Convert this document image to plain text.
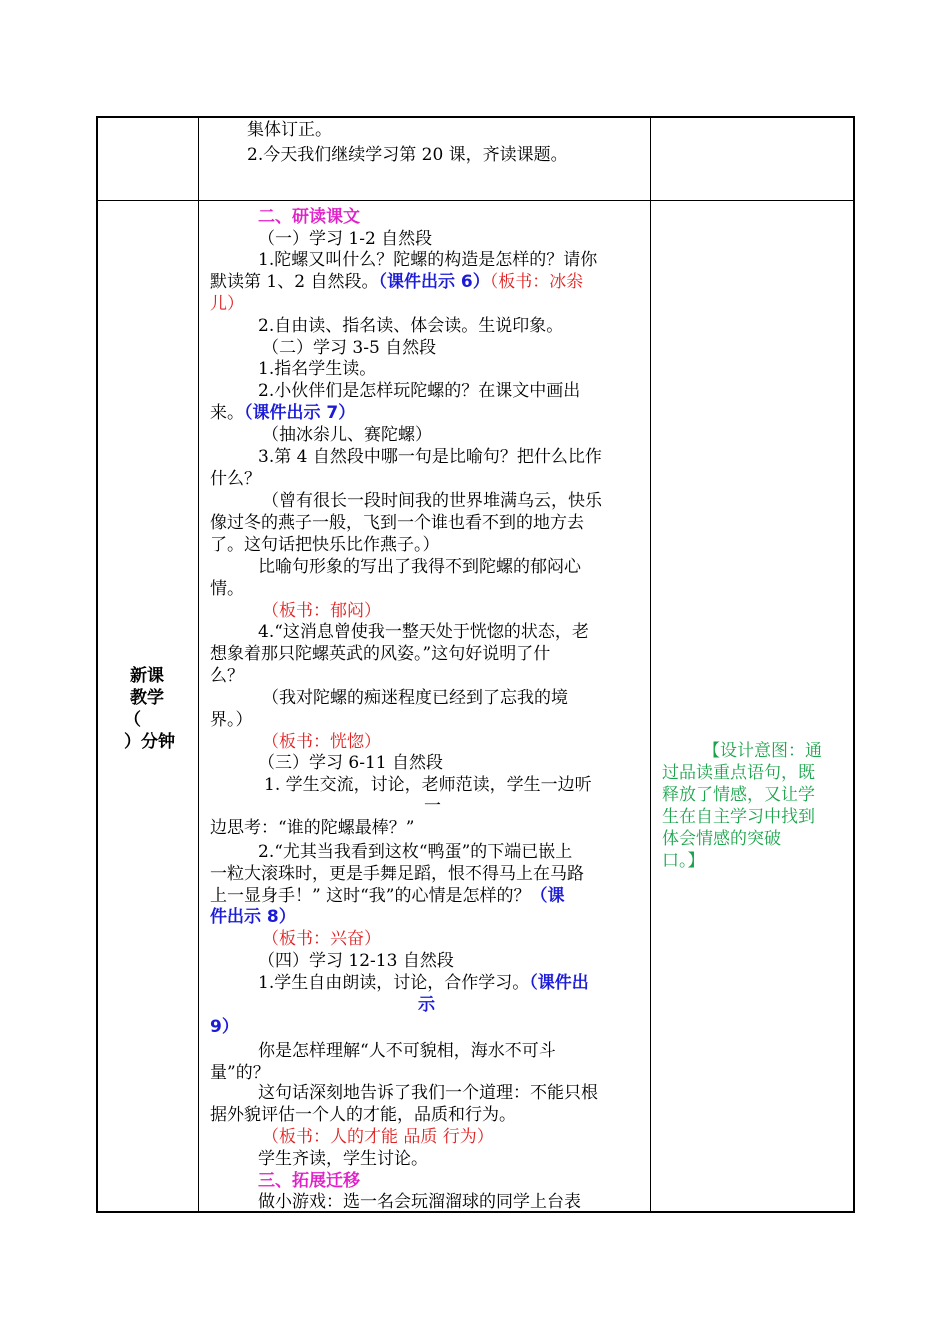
集体订正。
2.今天我们继续学习第 20 课，齐读课题。
新课
教学
（
）分钟
二、研读课文
（一）学习 1-2 自然段
1.陀螺又叫什么？陀螺的构造是怎样的？请你
默读第 1、2 自然段。（课件出示 6）（板书：冰尜
儿）
2.自由读、指名读、体会读。生说印象。
（二）学习 3-5 自然段
1.指名学生读。
2.小伙伴们是怎样玩陀螺的？在课文中画出
来。（课件出示 7）
（抽冰尜儿、赛陀螺）
3.第 4 自然段中哪一句是比喻句？把什么比作
什么？
（曾有很长一段时间我的世界堆满乌云，快乐
像过冬的燕子一般，飞到一个谁也看不到的地方去
了。这句话把快乐比作燕子。）
比喻句形象的写出了我得不到陀螺的郁闷心
情。
（板书：郁闷）
4.“这消息曾使我一整天处于恍惚的状态，老
想象着那只陀螺英武的风姿。”这句好说明了什
么？
（我对陀螺的痴迷程度已经到了忘我的境
界。）
（板书：恍惚）
（三）学习 6-11 自然段
1. 学生交流，讨论，老师范读，学生一边听
一
边思考：“谁的陀螺最棒？”
2.“尤其当我看到这枚“鸭蛋”的下端已嵌上
一粒大滚珠时，更是手舞足蹈，恨不得马上在马路
上一显身手！” 这时“我”的心情是怎样的？（课
件出示 8）
（板书：兴奋）
（四）学习 12-13 自然段
1.学生自由朗读，讨论，合作学习。（课件出
示
9）
你是怎样理解“人不可貌相，海水不可斗
量”的？
这句话深刻地告诉了我们一个道理：不能只根
据外貌评估一个人的才能，品质和行为。
（板书：人的才能 品质 行为）
学生齐读，学生讨论。
三、拓展迁移
做小游戏：选一名会玩溜溜球的同学上台表
【设计意图：通
过品读重点语句，既
释放了情感，又让学
生在自主学习中找到
体会情感的突破
口。】
